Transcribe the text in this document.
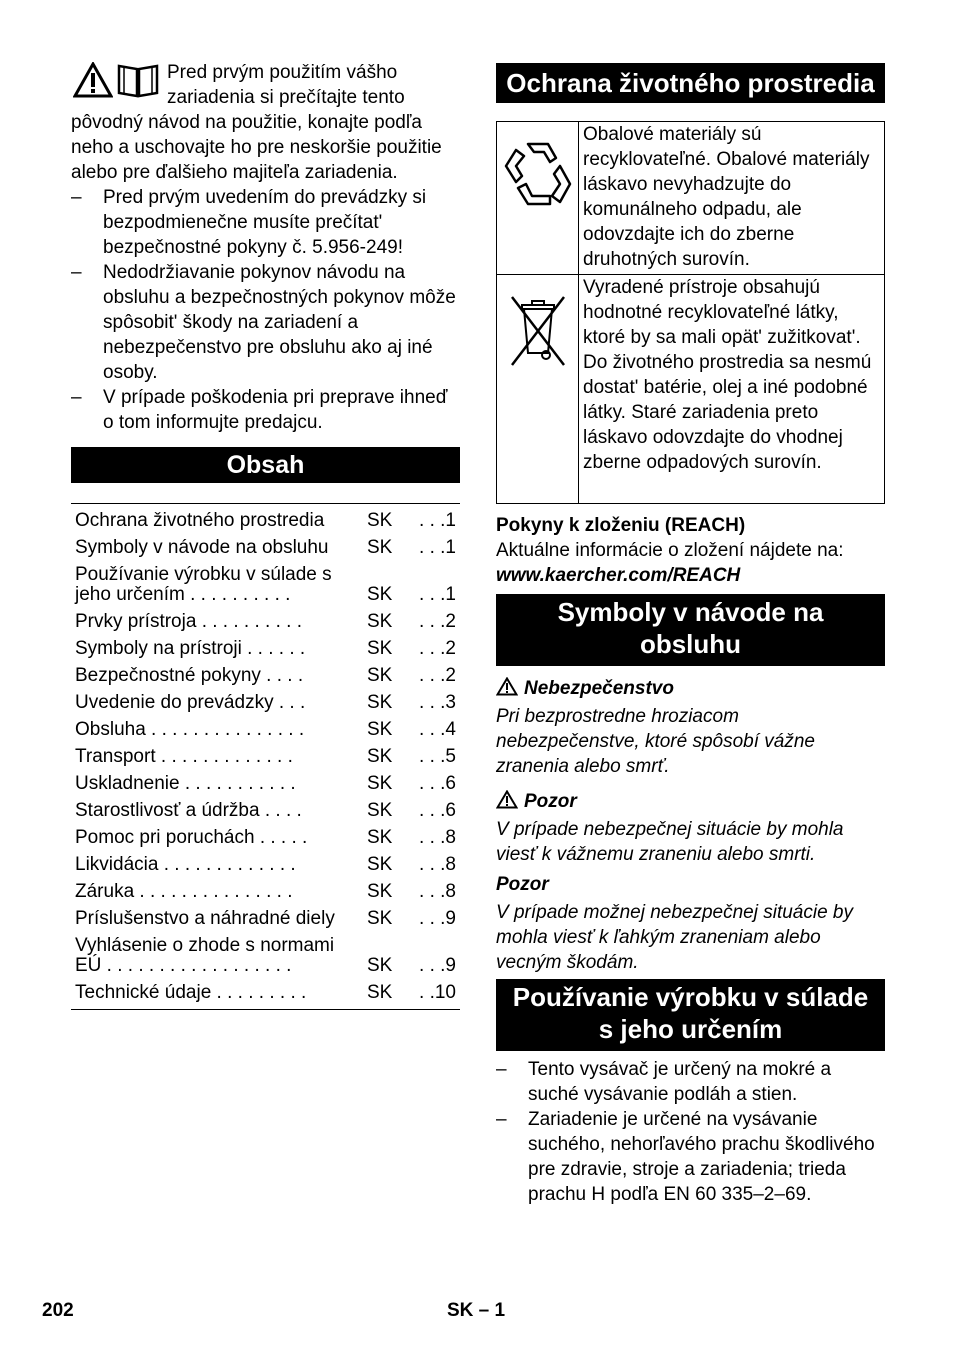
Pred prvým použitím vášho zariadenia si prečítajte tento pôvodný návod na použitie, konajte podľa neho a uschovajte ho pre neskoršie použitie alebo pre ďalšieho majiteľa zariadenia.

– Pred prvým uvedením do prevádzky si bezpodmienečne musíte prečítat' bezpečnostné pokyny č. 5.956-249!
– Nedodržiavanie pokynov návodu na obsluhu a bezpečnostných pokynov môže spôsobit' škody na zariadení a nebezpečenstvo pre obsluhu ako aj iné osoby.
– V prípade poškodenia pri preprave ihneď o tom informujte predajcu.
Obsah
Ochrana životného prostredia	SK	. . .1
Symboly v návode na obsluhu	SK	. . .1
Používanie výrobku v súlade s
jeho určením . . . . . . . . . .	SK	. . .1
Prvky prístroja . . . . . . . . . .	SK	. . .2
Symboly na prístroji . . . . . .	SK	. . .2
Bezpečnostné pokyny . . . .	SK	. . .2
Uvedenie do prevádzky . . .	SK	. . .3
Obsluha . . . . . . . . . . . . . . .	SK	. . .4
Transport . . . . . . . . . . . . .	SK	. . .5
Uskladnenie . . . . . . . . . . .	SK	. . .6
Starostlivosť a údržba . . . .	SK	. . .6
Pomoc pri poruchách . . . . .	SK	. . .8
Likvidácia . . . . . . . . . . . . .	SK	. . .8
Záruka . . . . . . . . . . . . . . .	SK	. . .8
Príslušenstvo a náhradné diely	SK	. . .9
Vyhlásenie o zhode s normami
EÚ . . . . . . . . . . . . . . . . . .	SK	. . .9
Technické údaje . . . . . . . . .	SK	. .10
Ochrana životného prostredia
	Obalové materiály sú recyklovateľné. Obalové materiály láskavo nevyhadzujte do komunálneho odpadu, ale odovzdajte ich do zberne druhotných surovín.
	Vyradené prístroje obsahujú hodnotné recyklovateľné látky, ktoré by sa mali opät' zužitkovat'. Do životného prostredia sa nesmú dostat' batérie, olej a iné podobné látky. Staré zariadenia preto láskavo odovzdajte do vhodnej zberne odpadových surovín.

Pokyny k zloženiu (REACH)

Aktuálne informácie o zložení nájdete na:

www.kaercher.com/REACH

Symboly v návode na
obsluhu

Nebezpečenstvo

Pri bezprostredne hroziacom nebezpečenstve, ktoré spôsobí vážne zranenia alebo smrť.

Pozor

V prípade nebezpečnej situácie by mohla viesť k vážnemu zraneniu alebo smrti.

Pozor

V prípade možnej nebezpečnej situácie by mohla viesť k ľahkým zraneniam alebo vecným škodám.

Používanie výrobku v súlade
s jeho určením
– Tento vysávač je určený na mokré a suché vysávanie podláh a stien.
– Zariadenie je určené na vysávanie suchého, nehorľavého prachu škodlivého pre zdravie, stroje a zariadenia; trieda prachu H podľa EN 60 335–2–69.
202	SK – 1
